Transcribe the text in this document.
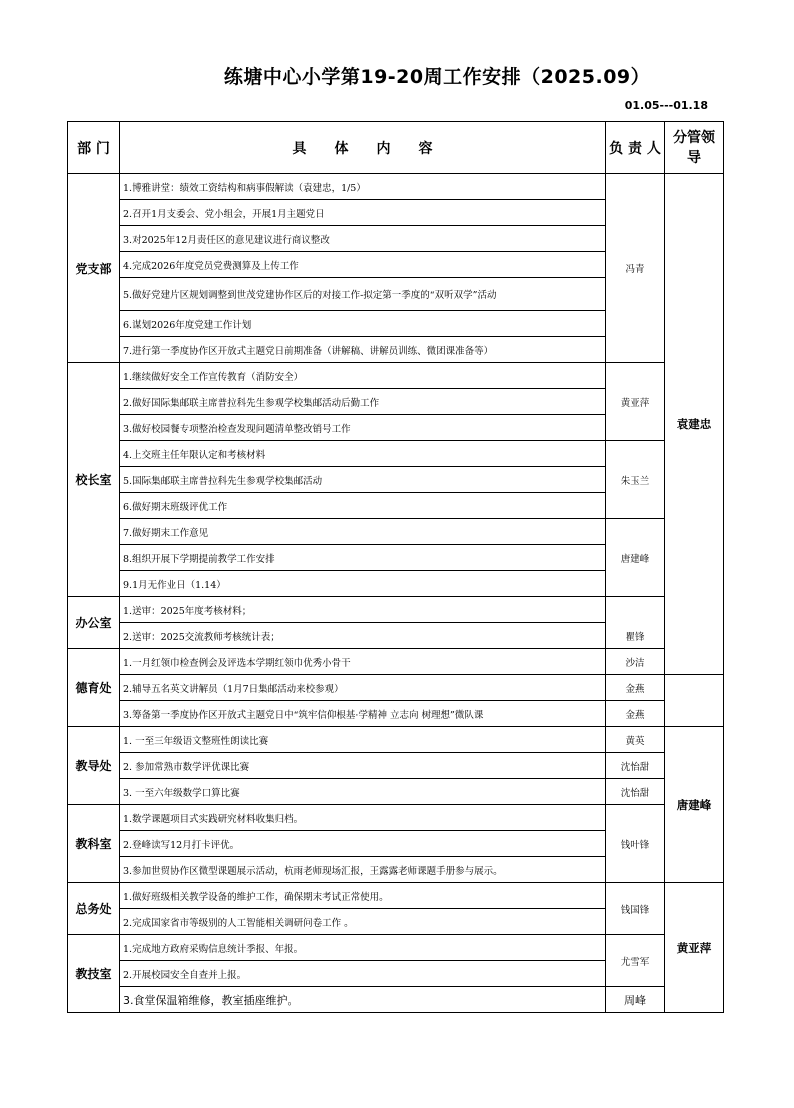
练塘中心小学第19-20周工作安排（2025.09）
01.05---01.18
部 门	具 体 内 容	负 责 人	分管领导	
党支部	1.博雅讲堂：绩效工资结构和病事假解读（袁建忠，1/5）	冯青	袁建忠	
	2.召开1月支委会、党小组会，开展1月主题党日			
	3.对2025年12月责任区的意见建议进行商议整改			
	4.完成2026年度党员党费测算及上传工作			
	5.做好党建片区规划调整到世茂党建协作区后的对接工作-拟定第一季度的“双听双学”活动			
	6.谋划2026年度党建工作计划			
	7.进行第一季度协作区开放式主题党日前期准备（讲解稿、讲解员训练、微团课准备等）			
校长室	1.继续做好安全工作宣传教育（消防安全）	黄亚萍		
	2.做好国际集邮联主席普拉科先生参观学校集邮活动后勤工作			
	3.做好校园餐专项整治检查发现问题清单整改销号工作			
	4.上交班主任年限认定和考核材料	朱玉兰		
	5.国际集邮联主席普拉科先生参观学校集邮活动			
	6.做好期末班级评优工作			
	7.做好期末工作意见	唐建峰		
	8.组织开展下学期提前教学工作安排			
	9.1月无作业日（1.14）			
办公室	1.送审：2025年度考核材料；	瞿锋		
	2.送审：2025交流教师考核统计表；			
德育处	1.一月红领巾检查例会及评选本学期红领巾优秀小骨干	沙洁	
	2.辅导五名英文讲解员（1月7日集邮活动来校参观）	金燕		
	3.筹备第一季度协作区开放式主题党日中“筑牢信仰根基·学精神 立志向 树理想”微队课	金燕		
教导处	1. 一至三年级语文整班性朗读比赛	黄英	唐建峰	
	2. 参加常熟市数学评优课比赛	沈怡甜		
	3. 一至六年级数学口算比赛	沈怡甜		
教科室	1.数学课题项目式实践研究材料收集归档。	钱叶锋		
	2.登峰读写12月打卡评优。			
	3.参加世贸协作区微型课题展示活动，杭雨老师现场汇报，王露露老师课题手册参与展示。			
总务处	1.做好班级相关教学设备的维护工作，确保期末考试正常使用。	钱国锋	黄亚萍	
	2.完成国家省市等级别的人工智能相关调研问卷工作 。			
教技室	1.完成地方政府采购信息统计季报、年报。	尤雪军		
	2.开展校园安全自查并上报。			
	3.食堂保温箱维修，教室插座维护。	周峰		
